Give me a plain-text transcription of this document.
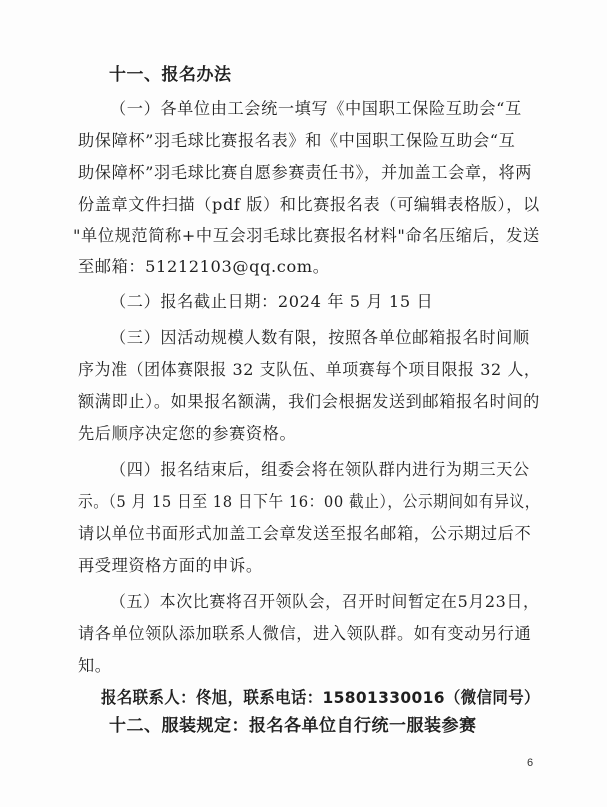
十一、报名办法
（一）各单位由工会统一填写《中国职工保险互助会“互
助保障杯”羽毛球比赛报名表》和《中国职工保险互助会“互
助保障杯”羽毛球比赛自愿参赛责任书》，并加盖工会章，将两
份盖章文件扫描（pdf 版）和比赛报名表（可编辑表格版），以
"单位规范简称+中互会羽毛球比赛报名材料"命名压缩后，发送
至邮箱：51212103@qq.com。
（二）报名截止日期：2024 年 5 月 15 日
（三）因活动规模人数有限，按照各单位邮箱报名时间顺
序为准（团体赛限报 32 支队伍、单项赛每个项目限报 32 人，
额满即止）。如果报名额满，我们会根据发送到邮箱报名时间的
先后顺序决定您的参赛资格。
（四）报名结束后，组委会将在领队群内进行为期三天公
示。（5 月 15 日至 18 日下午 16：00 截止），公示期间如有异议，
请以单位书面形式加盖工会章发送至报名邮箱，公示期过后不
再受理资格方面的申诉。
（五）本次比赛将召开领队会，召开时间暂定在5月23日，
请各单位领队添加联系人微信，进入领队群。如有变动另行通
知。
报名联系人：佟旭，联系电话：15801330016（微信同号）
十二、服装规定：报名各单位自行统一服装参赛
6
